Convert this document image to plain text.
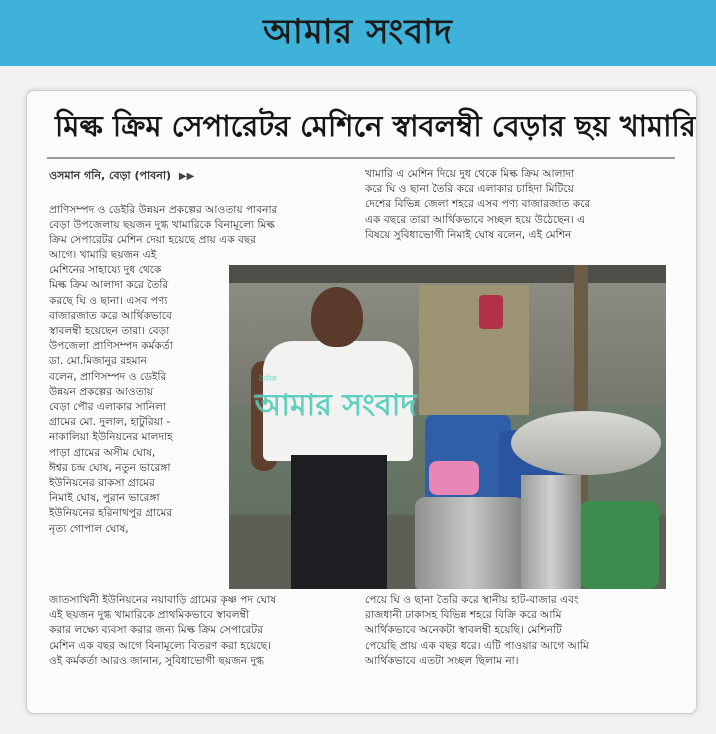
আমার সংবাদ
মিল্ক ক্রিম সেপারেটর মেশিনে স্বাবলম্বী বেড়ার ছয় খামারি
ওসমান গনি, বেড়া (পাবনা) ▶▶
প্রাণিসম্পদ ও ডেইরি উন্নয়ন প্রকল্পের আওতায় পাবনার
বেড়া উপজেলায় ছয়জন দুগ্ধ খামারিকে বিনামূল্যে মিল্ক
ক্রিম সেপারেটর মেশিন দেয়া হয়েছে প্রায় এক বছর
আগে। খামারি ছয়জন এই
মেশিনের সাহায্যে দুধ থেকে
মিল্ক ক্রিম আলাদা করে তৈরি
করছে ঘি ও ছানা। এসব পণ্য
বাজারজাত করে আর্থিকভাবে
স্বাবলম্বী হয়েছেন তারা। বেড়া
উপজেলা প্রাণিসম্পদ কর্মকর্তা
ডা. মো.মিজানুর রহমান
বলেন, প্রাণিসম্পদ ও ডেইরি
উন্নয়ন প্রকল্পের আওতায়
বেড়া পৌর এলাকার সানিলা
গ্রামের মো. দুলাল, হাটুরিয়া -
নাকালিয়া ইউনিয়নের মালদাহ
পাড়া গ্রামের অসীম ঘোষ,
ঈশ্বর চন্দ্র ঘোষ, নতুন ভারেঙ্গা
ইউনিয়নের রাকসা গ্রামের
নিমাই ঘোষ, পুরান ভারেঙ্গা
ইউনিয়নের হরিনাথপুর গ্রামের
নৃত্য গোপাল ঘোষ,
জাতসাখিনী ইউনিয়নের নয়াবাড়ি গ্রামের কৃষ্ণ পদ ঘোষ
এই ছয়জন দুগ্ধ খামারিকে প্রাথমিকভাবে স্বাবলম্বী
করার লক্ষ্যে ব্যবসা করার জন্য মিল্ক ক্রিম সেপারেটর
মেশিন এক বছর আগে বিনামূল্যে বিতরণ করা হয়েছে।
ওই কর্মকর্তা আরও জানান, সুবিধাভোগী ছয়জন দুগ্ধ
খামারি এ মেশিন দিয়ে দুধ থেকে মিল্ক ক্রিম আলাদা
করে ঘি ও ছানা তৈরি করে এলাকার চাহিদা মিটিয়ে
দেশের বিভিন্ন জেলা শহরে এসব পণ্য বাজারজাত করে
এক বছরে তারা আর্থিকভাবে সচ্ছল হয়ে উঠেছেন। এ
বিষয়ে সুবিধাভোগী নিমাই ঘোষ বলেন, এই মেশিন
পেয়ে ঘি ও ছানা তৈরি করে স্থানীয় হাট-বাজার এবং
রাজধানী ঢাকাসহ বিভিন্ন শহরে বিক্রি করে আমি
আর্থিকভাবে অনেকটা স্বাবলম্বী হয়েছি। মেশিনটি
পেয়েছি প্রায় এক বছর ধরে। এটি পাওয়ার আগে আমি
আর্থিকভাবে এতটা সচ্ছল ছিলাম না।
দৈনিক
আমার সংবাদ
